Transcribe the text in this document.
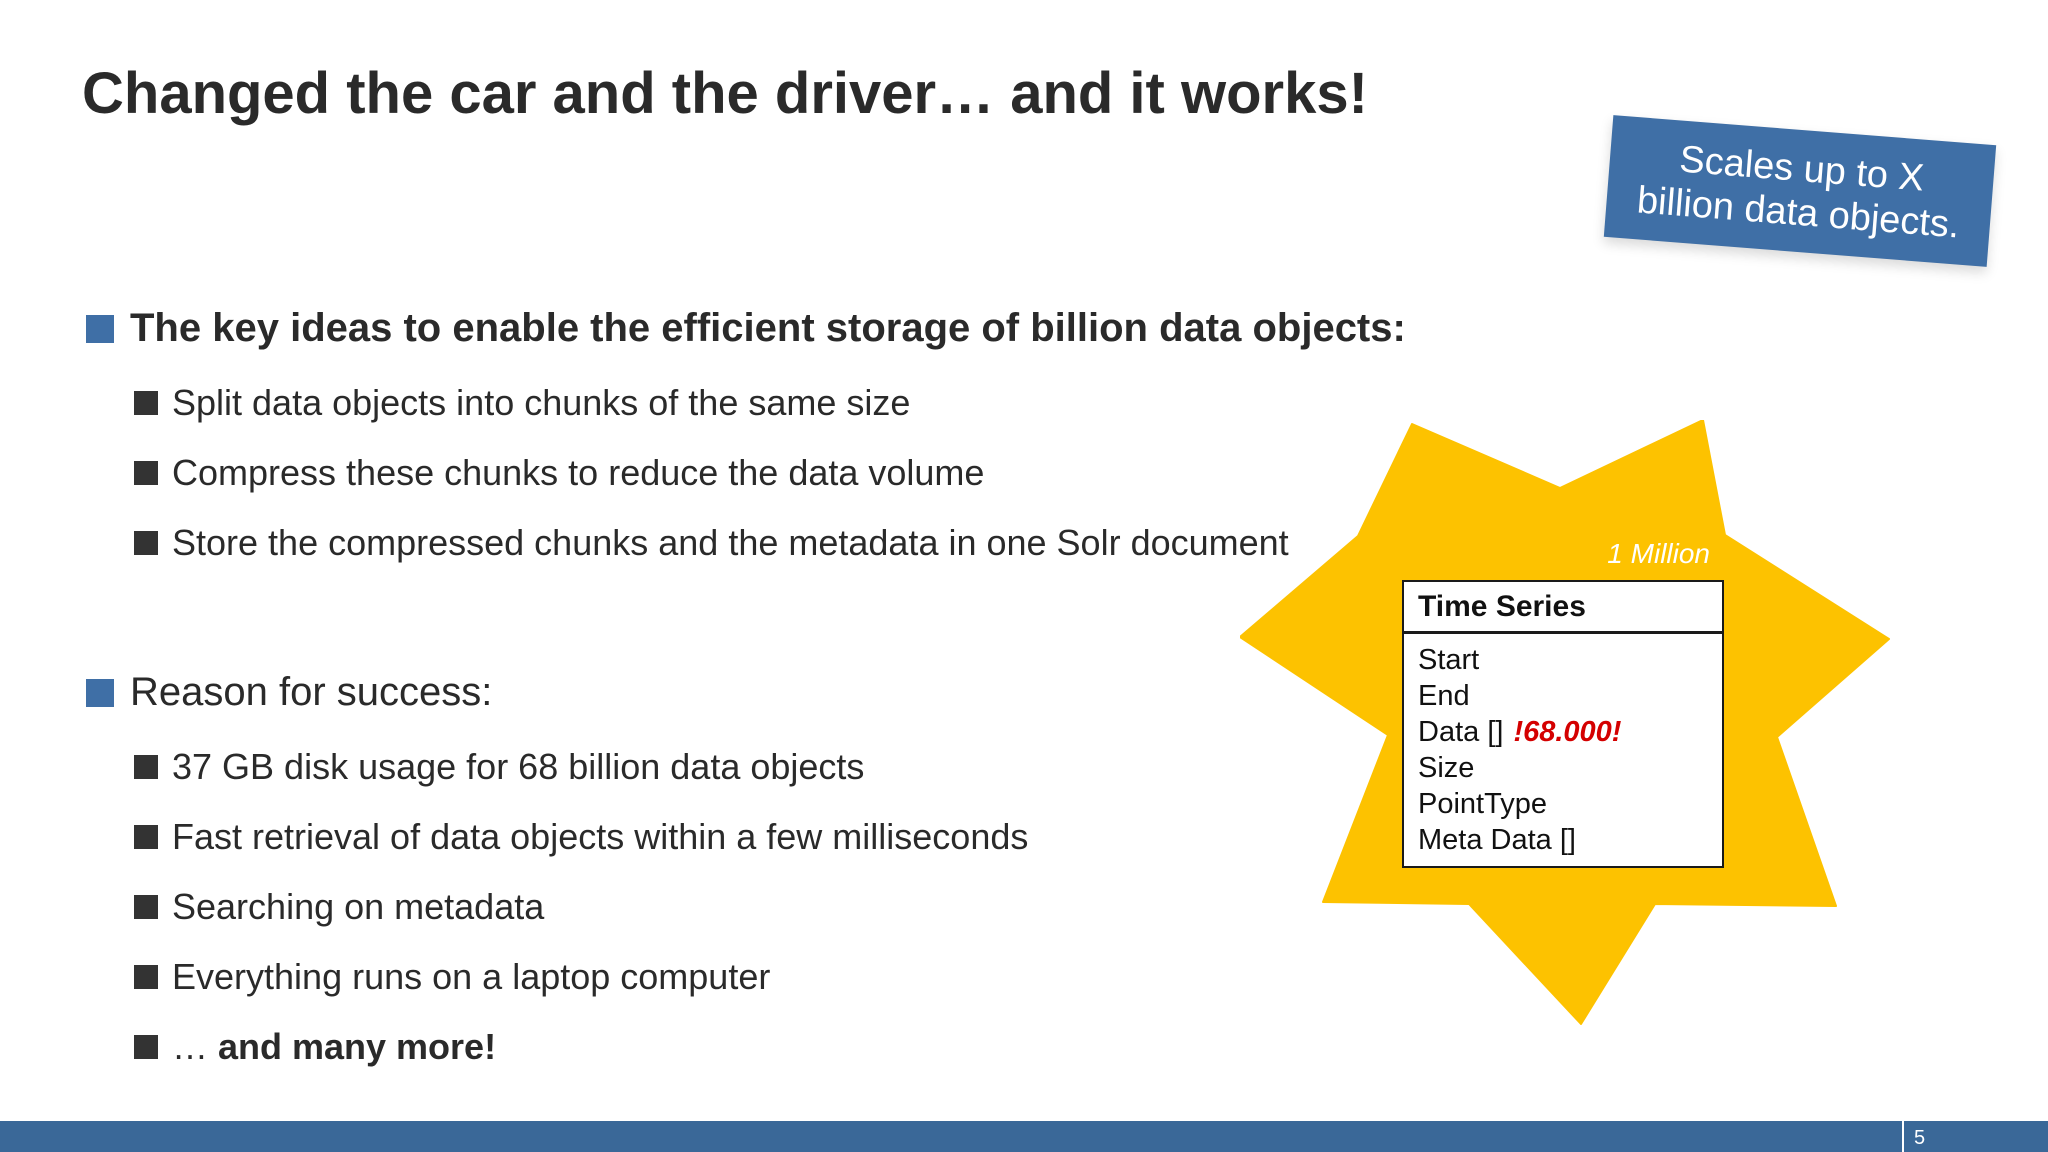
Changed the car and the driver… and it works!
Scales up to X billion data objects.
The key ideas to enable the efficient storage of billion data objects:
Split data objects into chunks of the same size
Compress these chunks to reduce the data volume
Store the compressed chunks and the metadata in one Solr document
Reason for success:
37 GB disk usage for 68 billion data objects
Fast retrieval of data objects within a few milliseconds
Searching on metadata
Everything runs on a laptop computer
… and many more!
1 Million
Time Series
Start
End
Data [] !68.000!
Size
PointType
Meta Data []
5
